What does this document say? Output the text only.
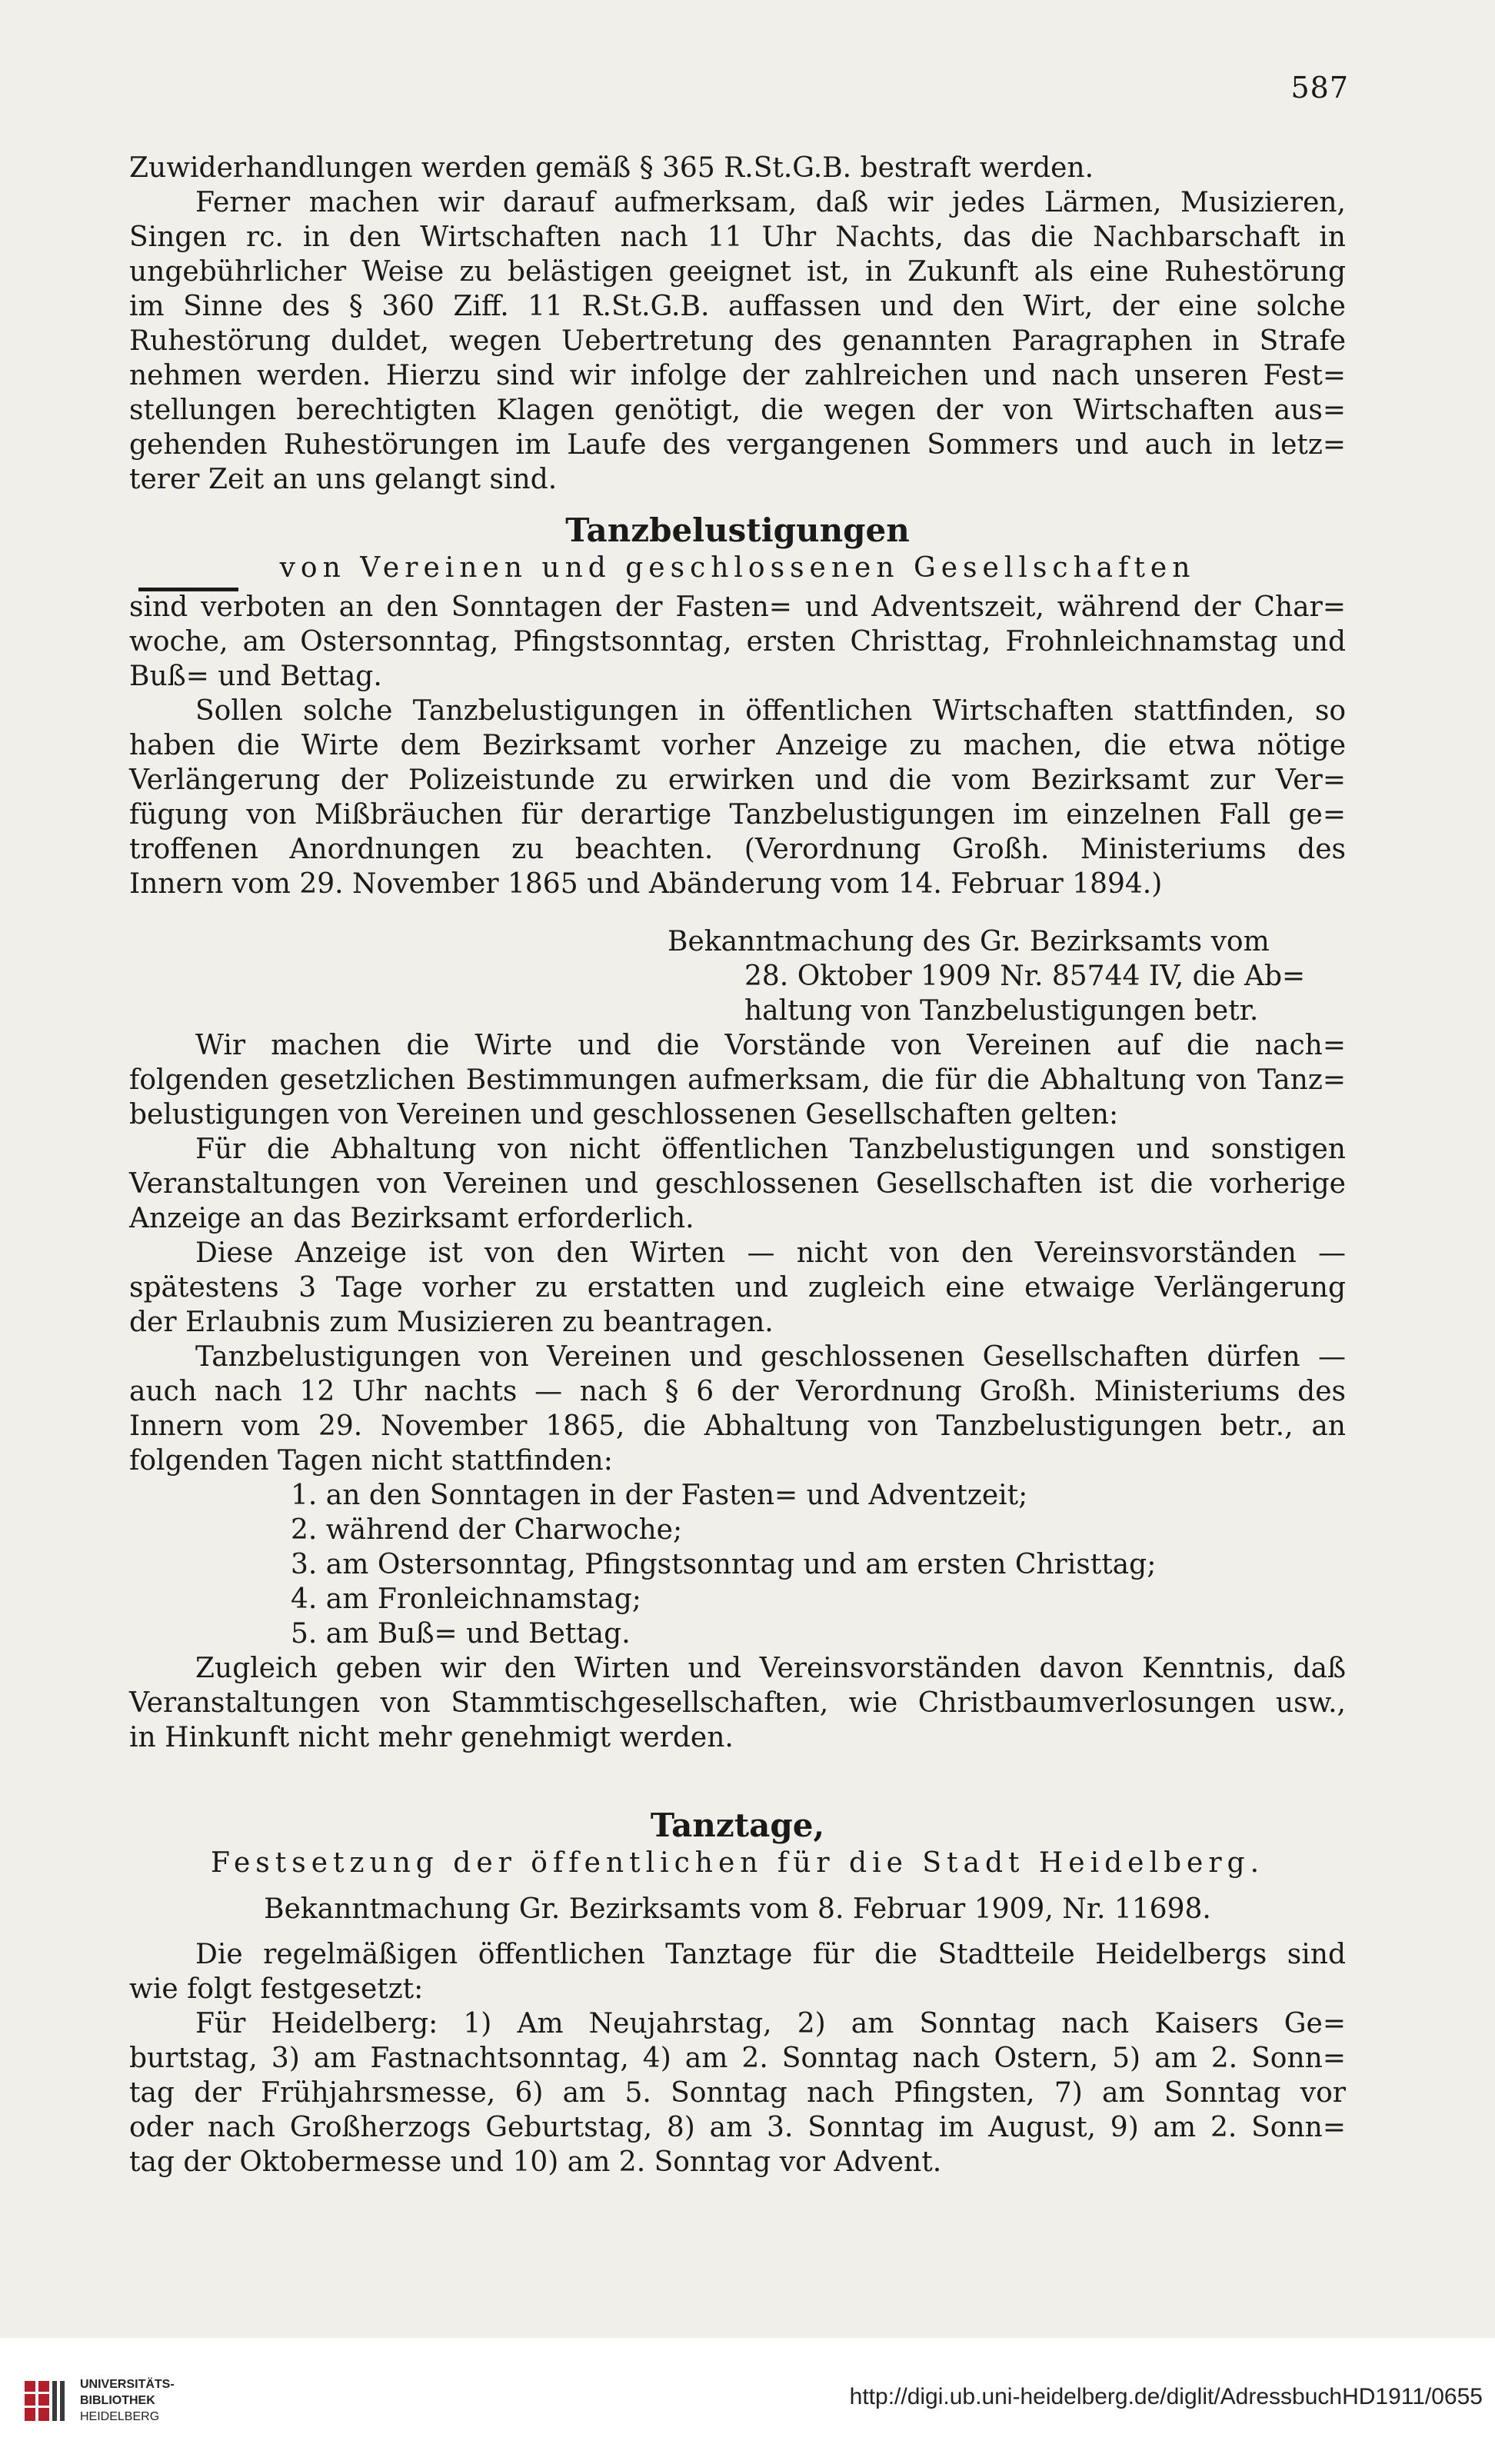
587
Zuwiderhandlungen werden gemäß § 365 R.St.G.B. bestraft werden.
Ferner machen wir darauf aufmerksam, daß wir jedes Lärmen, Musizieren,
Singen rc. in den Wirtschaften nach 11 Uhr Nachts, das die Nachbarschaft in
ungebührlicher Weise zu belästigen geeignet ist, in Zukunft als eine Ruhestörung
im Sinne des § 360 Ziff. 11 R.St.G.B. auffassen und den Wirt, der eine solche
Ruhestörung duldet, wegen Uebertretung des genannten Paragraphen in Strafe
nehmen werden. Hierzu sind wir infolge der zahlreichen und nach unseren Fest=
stellungen berechtigten Klagen genötigt, die wegen der von Wirtschaften aus=
gehenden Ruhestörungen im Laufe des vergangenen Sommers und auch in letz=
terer Zeit an uns gelangt sind.
Tanzbelustigungen
von Vereinen und geschlossenen Gesellschaften
sind verboten an den Sonntagen der Fasten= und Adventszeit, während der Char=
woche, am Ostersonntag, Pfingstsonntag, ersten Christtag, Frohnleichnamstag und
Buß= und Bettag.
Sollen solche Tanzbelustigungen in öffentlichen Wirtschaften stattfinden, so
haben die Wirte dem Bezirksamt vorher Anzeige zu machen, die etwa nötige
Verlängerung der Polizeistunde zu erwirken und die vom Bezirksamt zur Ver=
fügung von Mißbräuchen für derartige Tanzbelustigungen im einzelnen Fall ge=
troffenen Anordnungen zu beachten. (Verordnung Großh. Ministeriums des
Innern vom 29. November 1865 und Abänderung vom 14. Februar 1894.)
Bekanntmachung des Gr. Bezirksamts vom
28. Oktober 1909 Nr. 85744 IV, die Ab=
haltung von Tanzbelustigungen betr.
Wir machen die Wirte und die Vorstände von Vereinen auf die nach=
folgenden gesetzlichen Bestimmungen aufmerksam, die für die Abhaltung von Tanz=
belustigungen von Vereinen und geschlossenen Gesellschaften gelten:
Für die Abhaltung von nicht öffentlichen Tanzbelustigungen und sonstigen
Veranstaltungen von Vereinen und geschlossenen Gesellschaften ist die vorherige
Anzeige an das Bezirksamt erforderlich.
Diese Anzeige ist von den Wirten — nicht von den Vereinsvorständen —
spätestens 3 Tage vorher zu erstatten und zugleich eine etwaige Verlängerung
der Erlaubnis zum Musizieren zu beantragen.
Tanzbelustigungen von Vereinen und geschlossenen Gesellschaften dürfen —
auch nach 12 Uhr nachts — nach § 6 der Verordnung Großh. Ministeriums des
Innern vom 29. November 1865, die Abhaltung von Tanzbelustigungen betr., an
folgenden Tagen nicht stattfinden:
1. an den Sonntagen in der Fasten= und Adventzeit;
2. während der Charwoche;
3. am Ostersonntag, Pfingstsonntag und am ersten Christtag;
4. am Fronleichnamstag;
5. am Buß= und Bettag.
Zugleich geben wir den Wirten und Vereinsvorständen davon Kenntnis, daß
Veranstaltungen von Stammtischgesellschaften, wie Christbaumverlosungen usw.,
in Hinkunft nicht mehr genehmigt werden.
Tanztage,
Festsetzung der öffentlichen für die Stadt Heidelberg.
Bekanntmachung Gr. Bezirksamts vom 8. Februar 1909, Nr. 11698.
Die regelmäßigen öffentlichen Tanztage für die Stadtteile Heidelbergs sind
wie folgt festgesetzt:
Für Heidelberg: 1) Am Neujahrstag, 2) am Sonntag nach Kaisers Ge=
burtstag, 3) am Fastnachtsonntag, 4) am 2. Sonntag nach Ostern, 5) am 2. Sonn=
tag der Frühjahrsmesse, 6) am 5. Sonntag nach Pfingsten, 7) am Sonntag vor
oder nach Großherzogs Geburtstag, 8) am 3. Sonntag im August, 9) am 2. Sonn=
tag der Oktobermesse und 10) am 2. Sonntag vor Advent.
UNIVERSITÄTS-
BIBLIOTHEK
HEIDELBERG
http://digi.ub.uni-heidelberg.de/diglit/AdressbuchHD1911/0655
